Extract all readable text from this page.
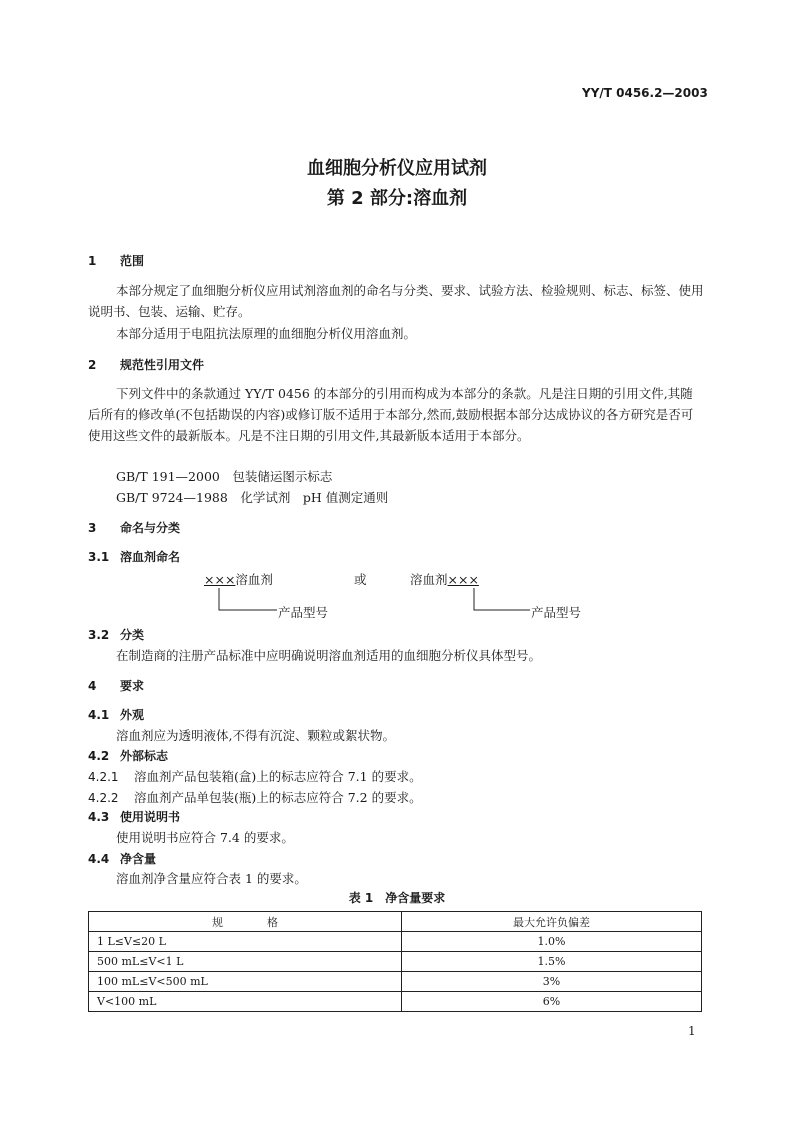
YY/T 0456.2—2003
血细胞分析仪应用试剂
第 2 部分:溶血剂
1 范围
本部分规定了血细胞分析仪应用试剂溶血剂的命名与分类、要求、试验方法、检验规则、标志、标签、使用说明书、包装、运输、贮存。
本部分适用于电阻抗法原理的血细胞分析仪用溶血剂。
2 规范性引用文件
下列文件中的条款通过 YY/T 0456 的本部分的引用而构成为本部分的条款。凡是注日期的引用文件,其随后所有的修改单(不包括勘误的内容)或修订版不适用于本部分,然而,鼓励根据本部分达成协议的各方研究是否可使用这些文件的最新版本。凡是不注日期的引用文件,其最新版本适用于本部分。
GB/T 191—2000　包装储运图示标志
GB/T 9724—1988　化学试剂　pH 值测定通则
3 命名与分类
3.1 溶血剂命名
×××溶血剂	或	溶血剂×××
产品型号	产品型号
3.2 分类
在制造商的注册产品标准中应明确说明溶血剂适用的血细胞分析仪具体型号。
4 要求
4.1 外观
溶血剂应为透明液体,不得有沉淀、颗粒或絮状物。
4.2 外部标志
4.2.1 溶血剂产品包装箱(盒)上的标志应符合 7.1 的要求。
4.2.2 溶血剂产品单包装(瓶)上的标志应符合 7.2 的要求。
4.3 使用说明书
使用说明书应符合 7.4 的要求。
4.4 净含量
溶血剂净含量应符合表 1 的要求。
表 1　净含量要求
规　　　　格	最大允许负偏差
1 L≤V≤20 L	1.0%
500 mL≤V<1 L	1.5%
100 mL≤V<500 mL	3%
V<100 mL	6%
1
